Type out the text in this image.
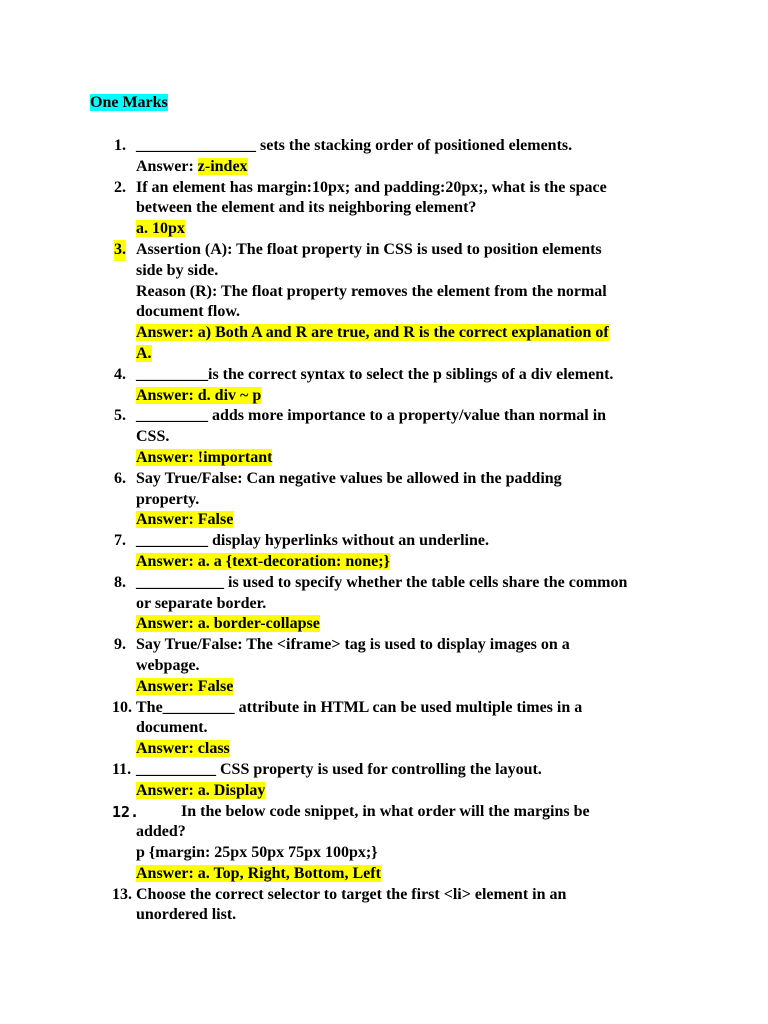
One Marks
1. _______________ sets the stacking order of positioned elements.
Answer: z-index
2. If an element has margin:10px; and padding:20px;, what is the space
between the element and its neighboring element?
a. 10px
3. Assertion (A): The float property in CSS is used to position elements
side by side.
Reason (R): The float property removes the element from the normal
document flow.
Answer: a) Both A and R are true, and R is the correct explanation of
A.
4. _________is the correct syntax to select the p siblings of a div element.
Answer: d. div ~ p
5. _________ adds more importance to a property/value than normal in
CSS.
Answer: !important
6. Say True/False: Can negative values be allowed in the padding
property.
Answer: False
7. _________ display hyperlinks without an underline.
Answer: a. a {text-decoration: none;}
8. ___________ is used to specify whether the table cells share the common
or separate border.
Answer: a. border-collapse
9. Say True/False: The <iframe> tag is used to display images on a
webpage.
Answer: False
10. The_________ attribute in HTML can be used multiple times in a
document.
Answer: class
11. __________ CSS property is used for controlling the layout.
Answer: a. Display
12.	In the below code snippet, in what order will the margins be
added?
p {margin: 25px 50px 75px 100px;}
Answer: a. Top, Right, Bottom, Left
13. Choose the correct selector to target the first <li> element in an
unordered list.
